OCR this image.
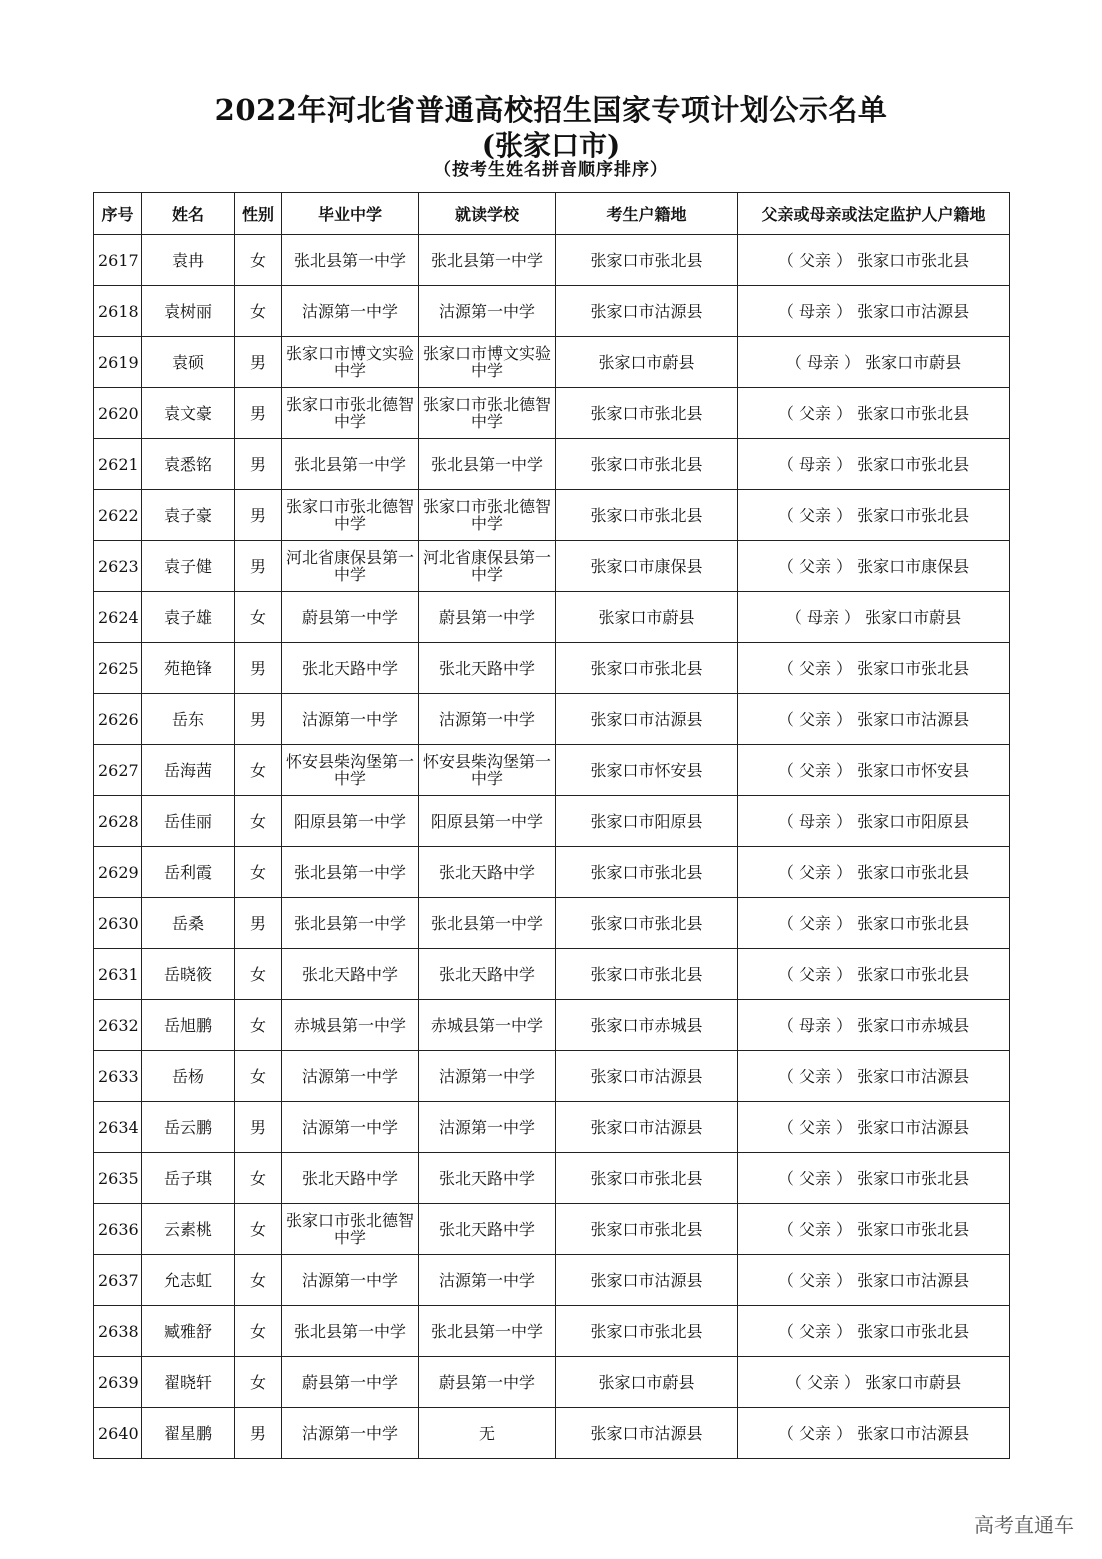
2022年河北省普通高校招生国家专项计划公示名单
(张家口市)
（按考生姓名拼音顺序排序）
序号	姓名	性别	毕业中学	就读学校	考生户籍地	父亲或母亲或法定监护人户籍地
2617	袁冉	女	张北县第一中学	张北县第一中学	张家口市张北县	（ 父亲 ） 张家口市张北县
2618	袁树丽	女	沽源第一中学	沽源第一中学	张家口市沽源县	（ 母亲 ） 张家口市沽源县
2619	袁硕	男	张家口市博文实验中学	张家口市博文实验中学	张家口市蔚县	（ 母亲 ） 张家口市蔚县
2620	袁文豪	男	张家口市张北德智中学	张家口市张北德智中学	张家口市张北县	（ 父亲 ） 张家口市张北县
2621	袁悉铭	男	张北县第一中学	张北县第一中学	张家口市张北县	（ 母亲 ） 张家口市张北县
2622	袁子豪	男	张家口市张北德智中学	张家口市张北德智中学	张家口市张北县	（ 父亲 ） 张家口市张北县
2623	袁子健	男	河北省康保县第一中学	河北省康保县第一中学	张家口市康保县	（ 父亲 ） 张家口市康保县
2624	袁子雄	女	蔚县第一中学	蔚县第一中学	张家口市蔚县	（ 母亲 ） 张家口市蔚县
2625	苑艳锋	男	张北天路中学	张北天路中学	张家口市张北县	（ 父亲 ） 张家口市张北县
2626	岳东	男	沽源第一中学	沽源第一中学	张家口市沽源县	（ 父亲 ） 张家口市沽源县
2627	岳海茜	女	怀安县柴沟堡第一中学	怀安县柴沟堡第一中学	张家口市怀安县	（ 父亲 ） 张家口市怀安县
2628	岳佳丽	女	阳原县第一中学	阳原县第一中学	张家口市阳原县	（ 母亲 ） 张家口市阳原县
2629	岳利霞	女	张北县第一中学	张北天路中学	张家口市张北县	（ 父亲 ） 张家口市张北县
2630	岳桑	男	张北县第一中学	张北县第一中学	张家口市张北县	（ 父亲 ） 张家口市张北县
2631	岳晓筱	女	张北天路中学	张北天路中学	张家口市张北县	（ 父亲 ） 张家口市张北县
2632	岳旭鹏	女	赤城县第一中学	赤城县第一中学	张家口市赤城县	（ 母亲 ） 张家口市赤城县
2633	岳杨	女	沽源第一中学	沽源第一中学	张家口市沽源县	（ 父亲 ） 张家口市沽源县
2634	岳云鹏	男	沽源第一中学	沽源第一中学	张家口市沽源县	（ 父亲 ） 张家口市沽源县
2635	岳子琪	女	张北天路中学	张北天路中学	张家口市张北县	（ 父亲 ） 张家口市张北县
2636	云素桃	女	张家口市张北德智中学	张北天路中学	张家口市张北县	（ 父亲 ） 张家口市张北县
2637	允志虹	女	沽源第一中学	沽源第一中学	张家口市沽源县	（ 父亲 ） 张家口市沽源县
2638	臧雅舒	女	张北县第一中学	张北县第一中学	张家口市张北县	（ 父亲 ） 张家口市张北县
2639	翟晓轩	女	蔚县第一中学	蔚县第一中学	张家口市蔚县	（ 父亲 ） 张家口市蔚县
2640	翟星鹏	男	沽源第一中学	无	张家口市沽源县	（ 父亲 ） 张家口市沽源县
高考直通车
